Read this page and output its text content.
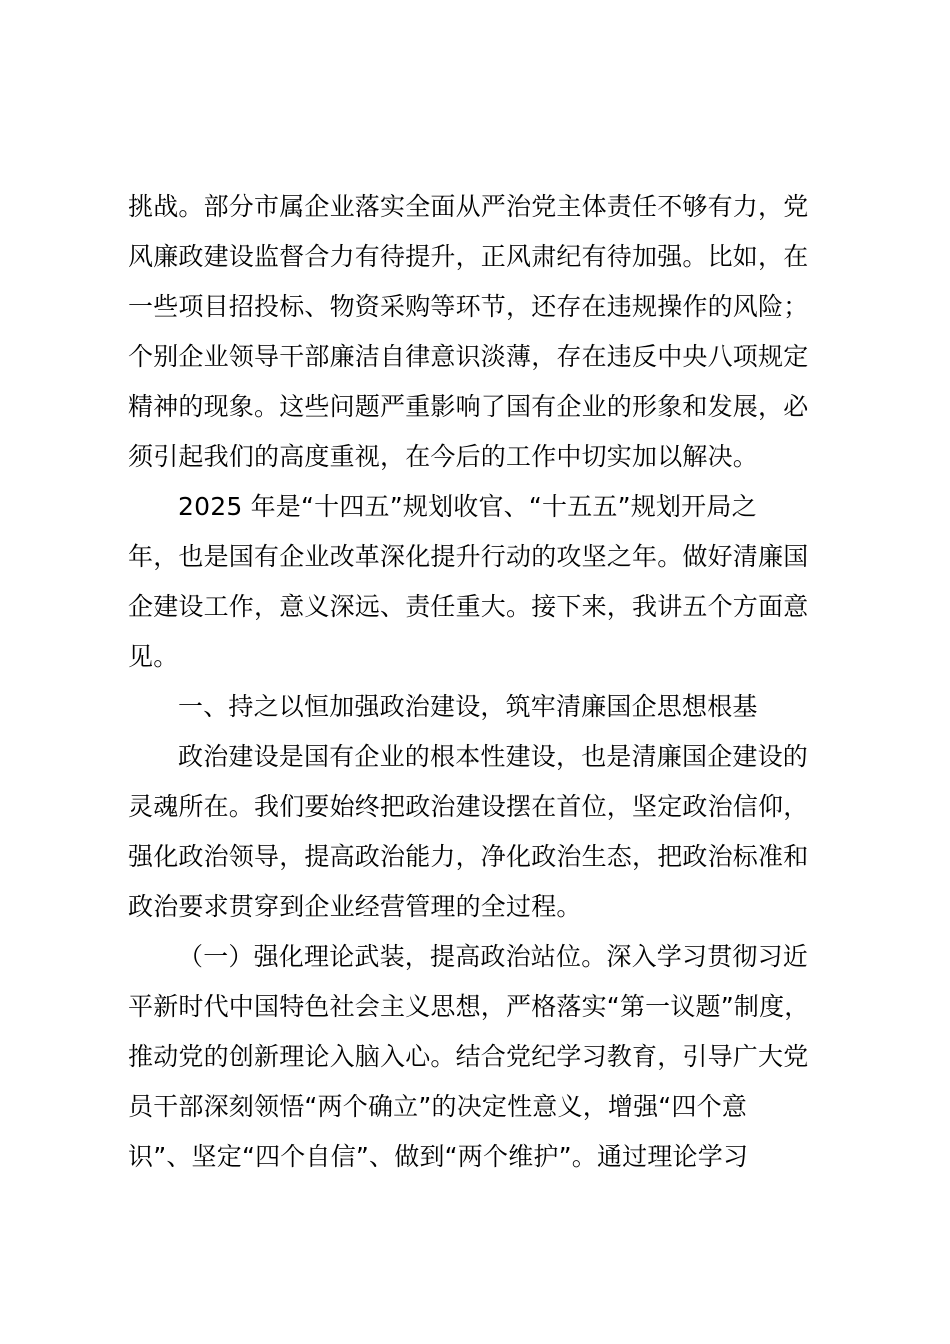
挑战。部分市属企业落实全面从严治党主体责任不够有力，党
风廉政建设监督合力有待提升，正风肃纪有待加强。比如，在
一些项目招投标、物资采购等环节，还存在违规操作的风险；
个别企业领导干部廉洁自律意识淡薄，存在违反中央八项规定
精神的现象。这些问题严重影响了国有企业的形象和发展，必
须引起我们的高度重视，在今后的工作中切实加以解决。
2025 年是“十四五”规划收官、“十五五”规划开局之
年，也是国有企业改革深化提升行动的攻坚之年。做好清廉国
企建设工作，意义深远、责任重大。接下来，我讲五个方面意
见。
一、持之以恒加强政治建设，筑牢清廉国企思想根基
政治建设是国有企业的根本性建设，也是清廉国企建设的
灵魂所在。我们要始终把政治建设摆在首位，坚定政治信仰，
强化政治领导，提高政治能力，净化政治生态，把政治标准和
政治要求贯穿到企业经营管理的全过程。
（一）强化理论武装，提高政治站位。深入学习贯彻习近
平新时代中国特色社会主义思想，严格落实“第一议题”制度，
推动党的创新理论入脑入心。结合党纪学习教育，引导广大党
员干部深刻领悟“两个确立”的决定性意义，增强“四个意
识”、坚定“四个自信”、做到“两个维护”。通过理论学习
